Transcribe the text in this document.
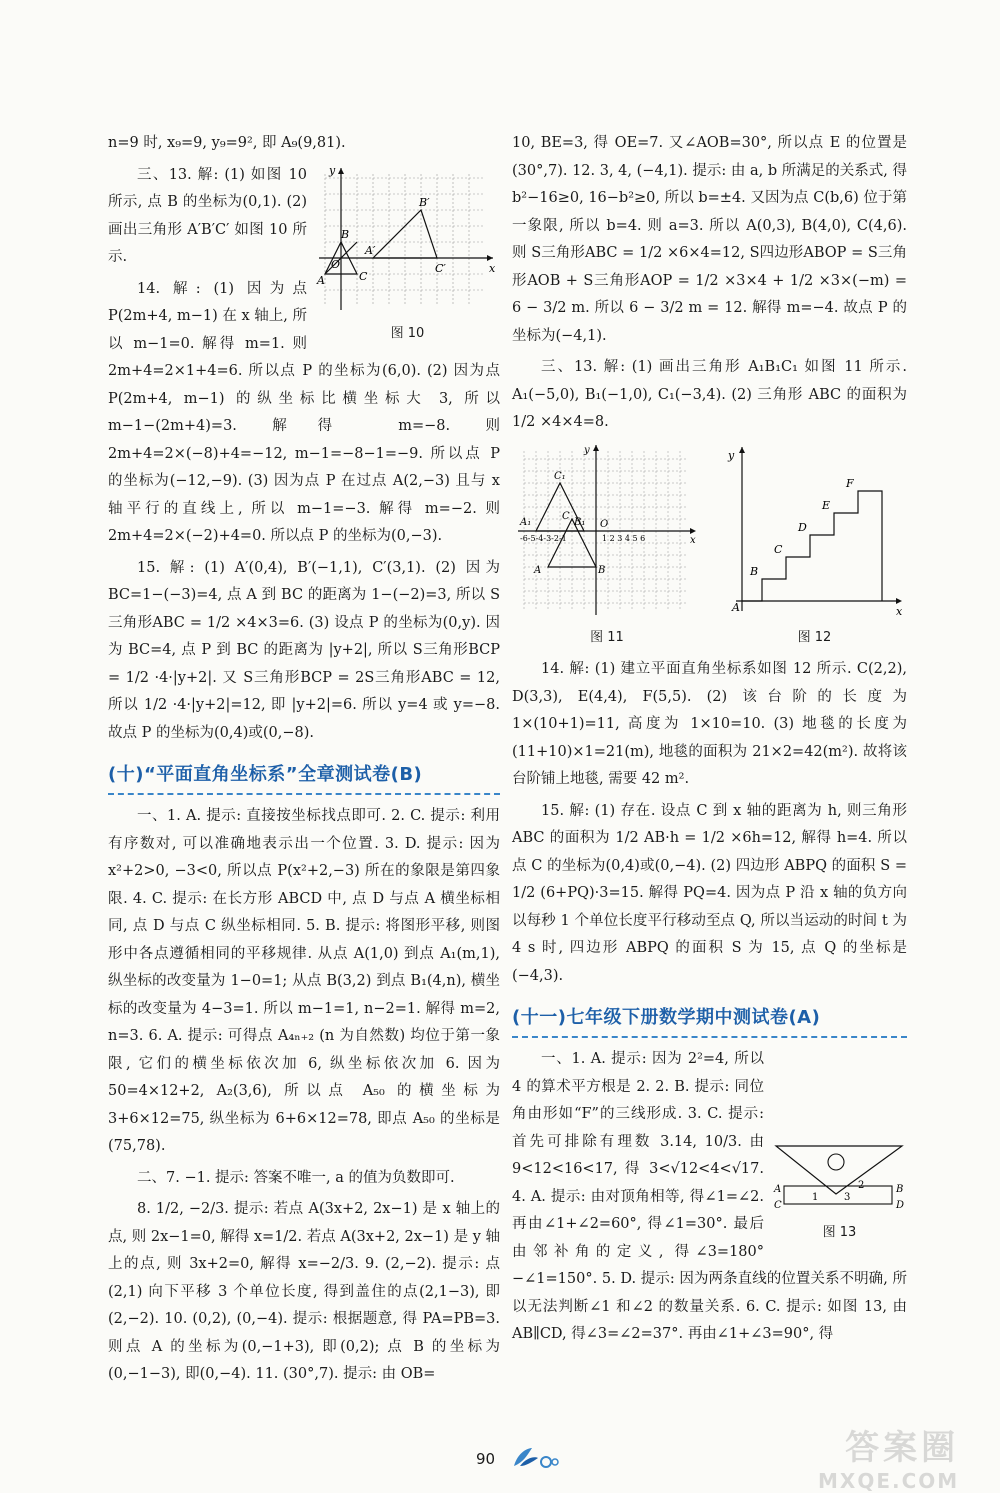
n=9 时, x₉=9, y₉=9², 即 A₉(9,81).

x
y
O
A
B
C
A′
B′
C′
图 10

三、13. 解: (1) 如图 10 所示, 点 B 的坐标为(0,1). (2) 画出三角形 A′B′C′ 如图 10 所示.

14. 解: (1) 因为点 P(2m+4, m−1) 在 x 轴上, 所以 m−1=0. 解得 m=1. 则 2m+4=2×1+4=6. 所以点 P 的坐标为(6,0). (2) 因为点 P(2m+4, m−1) 的纵坐标比横坐标大 3, 所以 m−1−(2m+4)=3. 解得 m=−8. 则 2m+4=2×(−8)+4=−12, m−1=−8−1=−9. 所以点 P 的坐标为(−12,−9). (3) 因为点 P 在过点 A(2,−3) 且与 x 轴平行的直线上, 所以 m−1=−3. 解得 m=−2. 则 2m+4=2×(−2)+4=0. 所以点 P 的坐标为(0,−3).

15. 解: (1) A′(0,4), B′(−1,1), C′(3,1). (2) 因为 BC=1−(−3)=4, 点 A 到 BC 的距离为 1−(−2)=3, 所以 S三角形ABC = 1/2 ×4×3=6. (3) 设点 P 的坐标为(0,y). 因为 BC=4, 点 P 到 BC 的距离为 |y+2|, 所以 S三角形BCP = 1/2 ·4·|y+2|. 又 S三角形BCP = 2S三角形ABC = 12, 所以 1/2 ·4·|y+2|=12, 即 |y+2|=6. 所以 y=4 或 y=−8. 故点 P 的坐标为(0,4)或(0,−8).

(十)“平面直角坐标系”全章测试卷(B)

一、1. A. 提示: 直接按坐标找点即可. 2. C. 提示: 利用有序数对, 可以准确地表示出一个位置. 3. D. 提示: 因为 x²+2>0, −3<0, 所以点 P(x²+2,−3) 所在的象限是第四象限. 4. C. 提示: 在长方形 ABCD 中, 点 D 与点 A 横坐标相同, 点 D 与点 C 纵坐标相同. 5. B. 提示: 将图形平移, 则图形中各点遵循相同的平移规律. 从点 A(1,0) 到点 A₁(m,1), 纵坐标的改变量为 1−0=1; 从点 B(3,2) 到点 B₁(4,n), 横坐标的改变量为 4−3=1. 所以 m−1=1, n−2=1. 解得 m=2, n=3. 6. A. 提示: 可得点 A₄ₙ₊₂ (n 为自然数) 均位于第一象限, 它们的横坐标依次加 6, 纵坐标依次加 6. 因为 50=4×12+2, A₂(3,6), 所以点 A₅₀ 的横坐标为 3+6×12=75, 纵坐标为 6+6×12=78, 即点 A₅₀ 的坐标是(75,78).

二、7. −1. 提示: 答案不唯一, a 的值为负数即可.

8. 1/2, −2/3. 提示: 若点 A(3x+2, 2x−1) 是 x 轴上的点, 则 2x−1=0, 解得 x=1/2. 若点 A(3x+2, 2x−1) 是 y 轴上的点, 则 3x+2=0, 解得 x=−2/3. 9. (2,−2). 提示: 点(2,1) 向下平移 3 个单位长度, 得到盖住的点(2,1−3), 即(2,−2). 10. (0,2), (0,−4). 提示: 根据题意, 得 PA=PB=3. 则点 A 的坐标为(0,−1+3), 即(0,2); 点 B 的坐标为(0,−1−3), 即(0,−4). 11. (30°,7). 提示: 由 OB=

10, BE=3, 得 OE=7. 又∠AOB=30°, 所以点 E 的位置是(30°,7). 12. 3, 4, (−4,1). 提示: 由 a, b 所满足的关系式, 得 b²−16≥0, 16−b²≥0, 所以 b=±4. 又因为点 C(b,6) 位于第一象限, 所以 b=4. 则 a=3. 所以 A(0,3), B(4,0), C(4,6). 则 S三角形ABC = 1/2 ×6×4=12, S四边形ABOP = S三角形AOB + S三角形AOP = 1/2 ×3×4 + 1/2 ×3×(−m) = 6 − 3/2 m. 所以 6 − 3/2 m = 12. 解得 m=−4. 故点 P 的坐标为(−4,1).

三、13. 解: (1) 画出三角形 A₁B₁C₁ 如图 11 所示. A₁(−5,0), B₁(−1,0), C₁(−3,4). (2) 三角形 ABC 的面积为 1/2 ×4×4=8.

x
y
O
A₁	B₁
C₁
A	B
C
-6-5-4-3-2-1	1 2 3 4 5 6
图 11
x
y
A
B
C
D
E
F
图 12

14. 解: (1) 建立平面直角坐标系如图 12 所示. C(2,2), D(3,3), E(4,4), F(5,5). (2) 该台阶的长度为 1×(10+1)=11, 高度为 1×10=10. (3) 地毯的长度为(11+10)×1=21(m), 地毯的面积为 21×2=42(m²). 故将该台阶铺上地毯, 需要 42 m².

15. 解: (1) 存在. 设点 C 到 x 轴的距离为 h, 则三角形 ABC 的面积为 1/2 AB·h = 1/2 ×6h=12, 解得 h=4. 所以点 C 的坐标为(0,4)或(0,−4). (2) 四边形 ABPQ 的面积 S = 1/2 (6+PQ)·3=15. 解得 PQ=4. 因为点 P 沿 x 轴的负方向以每秒 1 个单位长度平行移动至点 Q, 所以当运动的时间 t 为 4 s 时, 四边形 ABPQ 的面积 S 为 15, 点 Q 的坐标是(−4,3).

(十一)七年级下册数学期中测试卷(A)
A
C
B
D
1	3
2
图 13

一、1. A. 提示: 因为 2²=4, 所以 4 的算术平方根是 2. 2. B. 提示: 同位角由形如“F”的三线形成. 3. C. 提示: 首先可排除有理数 3.14, 10/3. 由 9<12<16<17, 得 3<√12<4<√17. 4. A. 提示: 由对顶角相等, 得∠1=∠2. 再由∠1+∠2=60°, 得∠1=30°. 最后由邻补角的定义, 得∠3=180°−∠1=150°. 5. D. 提示: 因为两条直线的位置关系不明确, 所以无法判断∠1 和∠2 的数量关系. 6. C. 提示: 如图 13, 由 AB∥CD, 得∠3=∠2=37°. 再由∠1+∠3=90°, 得

90	答案圈
MXQE.COM
